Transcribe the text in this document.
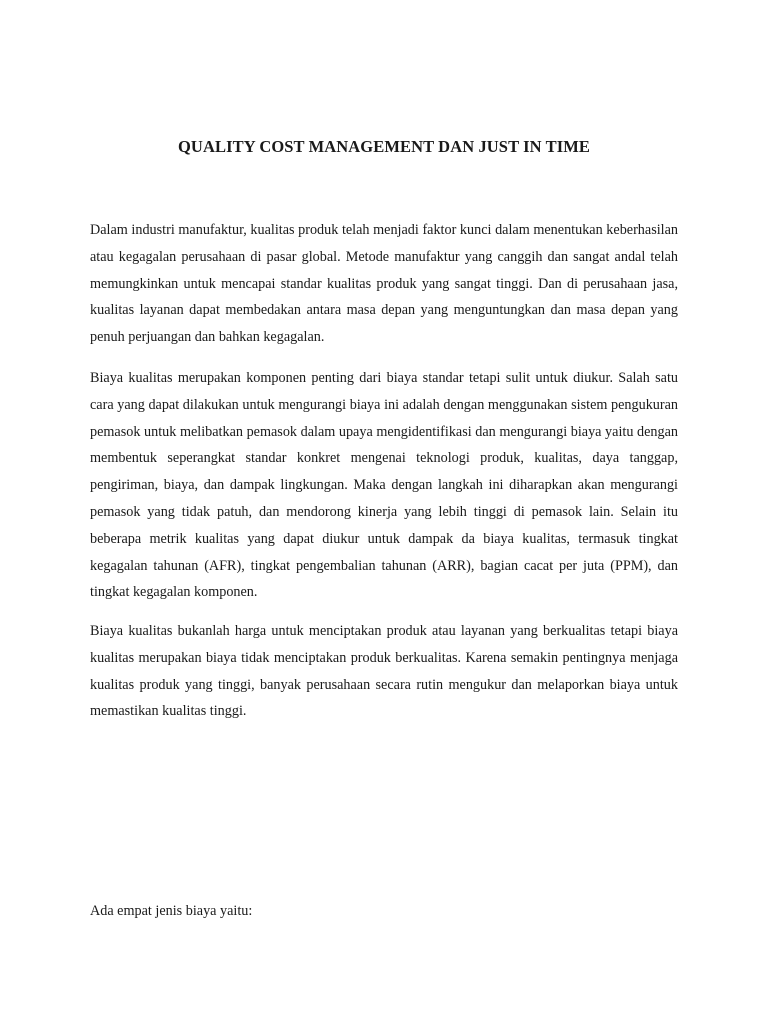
QUALITY COST MANAGEMENT DAN JUST IN TIME

Dalam industri manufaktur, kualitas produk telah menjadi faktor kunci dalam menentukan keberhasilan atau kegagalan perusahaan di pasar global. Metode manufaktur yang canggih dan sangat andal telah memungkinkan untuk mencapai standar kualitas produk yang sangat tinggi. Dan di perusahaan jasa, kualitas layanan dapat membedakan antara masa depan yang menguntungkan dan masa depan yang penuh perjuangan dan bahkan kegagalan.

Biaya kualitas merupakan komponen penting dari biaya standar tetapi sulit untuk diukur. Salah satu cara yang dapat dilakukan untuk mengurangi biaya ini adalah dengan menggunakan sistem pengukuran pemasok untuk melibatkan pemasok dalam upaya mengidentifikasi dan mengurangi biaya yaitu dengan membentuk seperangkat standar konkret mengenai teknologi produk, kualitas, daya tanggap, pengiriman, biaya, dan dampak lingkungan. Maka dengan langkah ini diharapkan akan mengurangi pemasok yang tidak patuh, dan mendorong kinerja yang lebih tinggi di pemasok lain. Selain itu beberapa metrik kualitas yang dapat diukur untuk dampak da biaya kualitas, termasuk tingkat kegagalan tahunan (AFR), tingkat pengembalian tahunan (ARR), bagian cacat per juta (PPM), dan tingkat kegagalan komponen.

Biaya kualitas bukanlah harga untuk menciptakan produk atau layanan yang berkualitas tetapi biaya kualitas merupakan biaya tidak menciptakan produk berkualitas. Karena semakin pentingnya menjaga kualitas produk yang tinggi, banyak perusahaan secara rutin mengukur dan melaporkan biaya untuk memastikan kualitas tinggi.

Ada empat jenis biaya yaitu:
